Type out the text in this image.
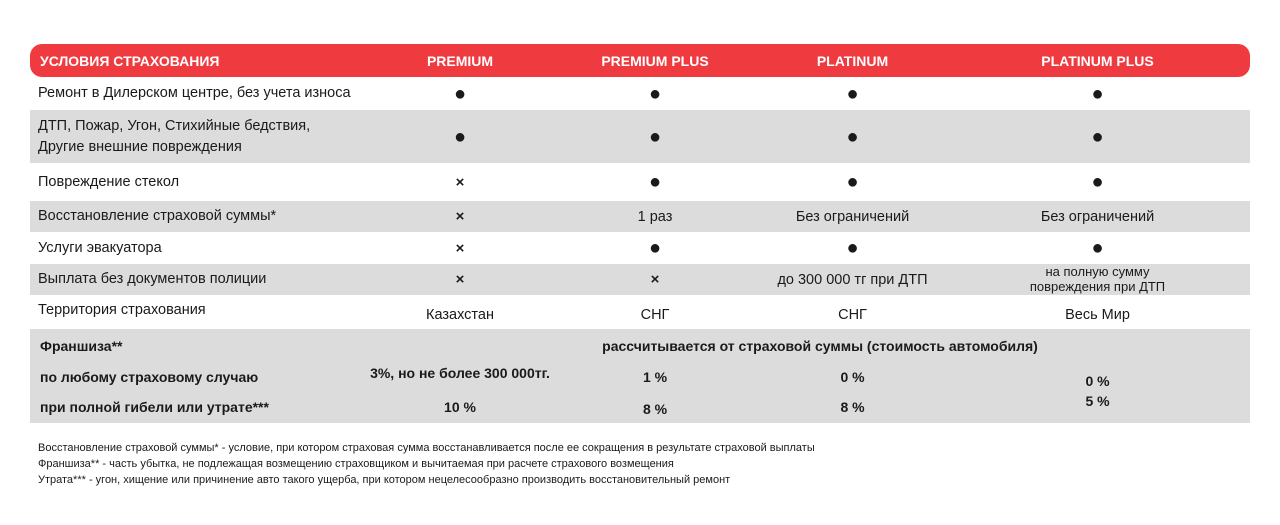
УСЛОВИЯ СТРАХОВАНИЯ	PREMIUM	PREMIUM PLUS	PLATINUM	PLATINUM PLUS
Ремонт в Дилерском центре, без учета износа	●	●	●	●
ДТП, Пожар, Угон, Стихийные бедствия,
Другие внешние повреждения	●	●	●	●
Повреждение стекол	×	●	●	●
Восстановление страховой суммы*	×	1 раз	Без ограничений	Без ограничений
Услуги эвакуатора	×	●	●	●
Выплата без документов полиции	×	×	до 300 000 тг при ДТП	на полную сумму
повреждения при ДТП
Территория страхования	Казахстан	СНГ	СНГ	Весь Мир
Франшиза**	рассчитывается от страховой суммы (стоимость автомобиля)
по любому страховому случаю	3%, но не более 300 000тг.	1 %	0 %	0 %
при полной гибели или утрате***	10 %	8 %	8 %	5 %
Восстановление страховой суммы* - условие, при котором страховая сумма восстанавливается после ее сокращения в результате страховой выплаты
Франшиза** - часть убытка, не подлежащая возмещению страховщиком и вычитаемая при расчете страхового возмещения
Утрата*** - угон, хищение или причинение авто такого ущерба, при котором нецелесообразно производить восстановительный ремонт
